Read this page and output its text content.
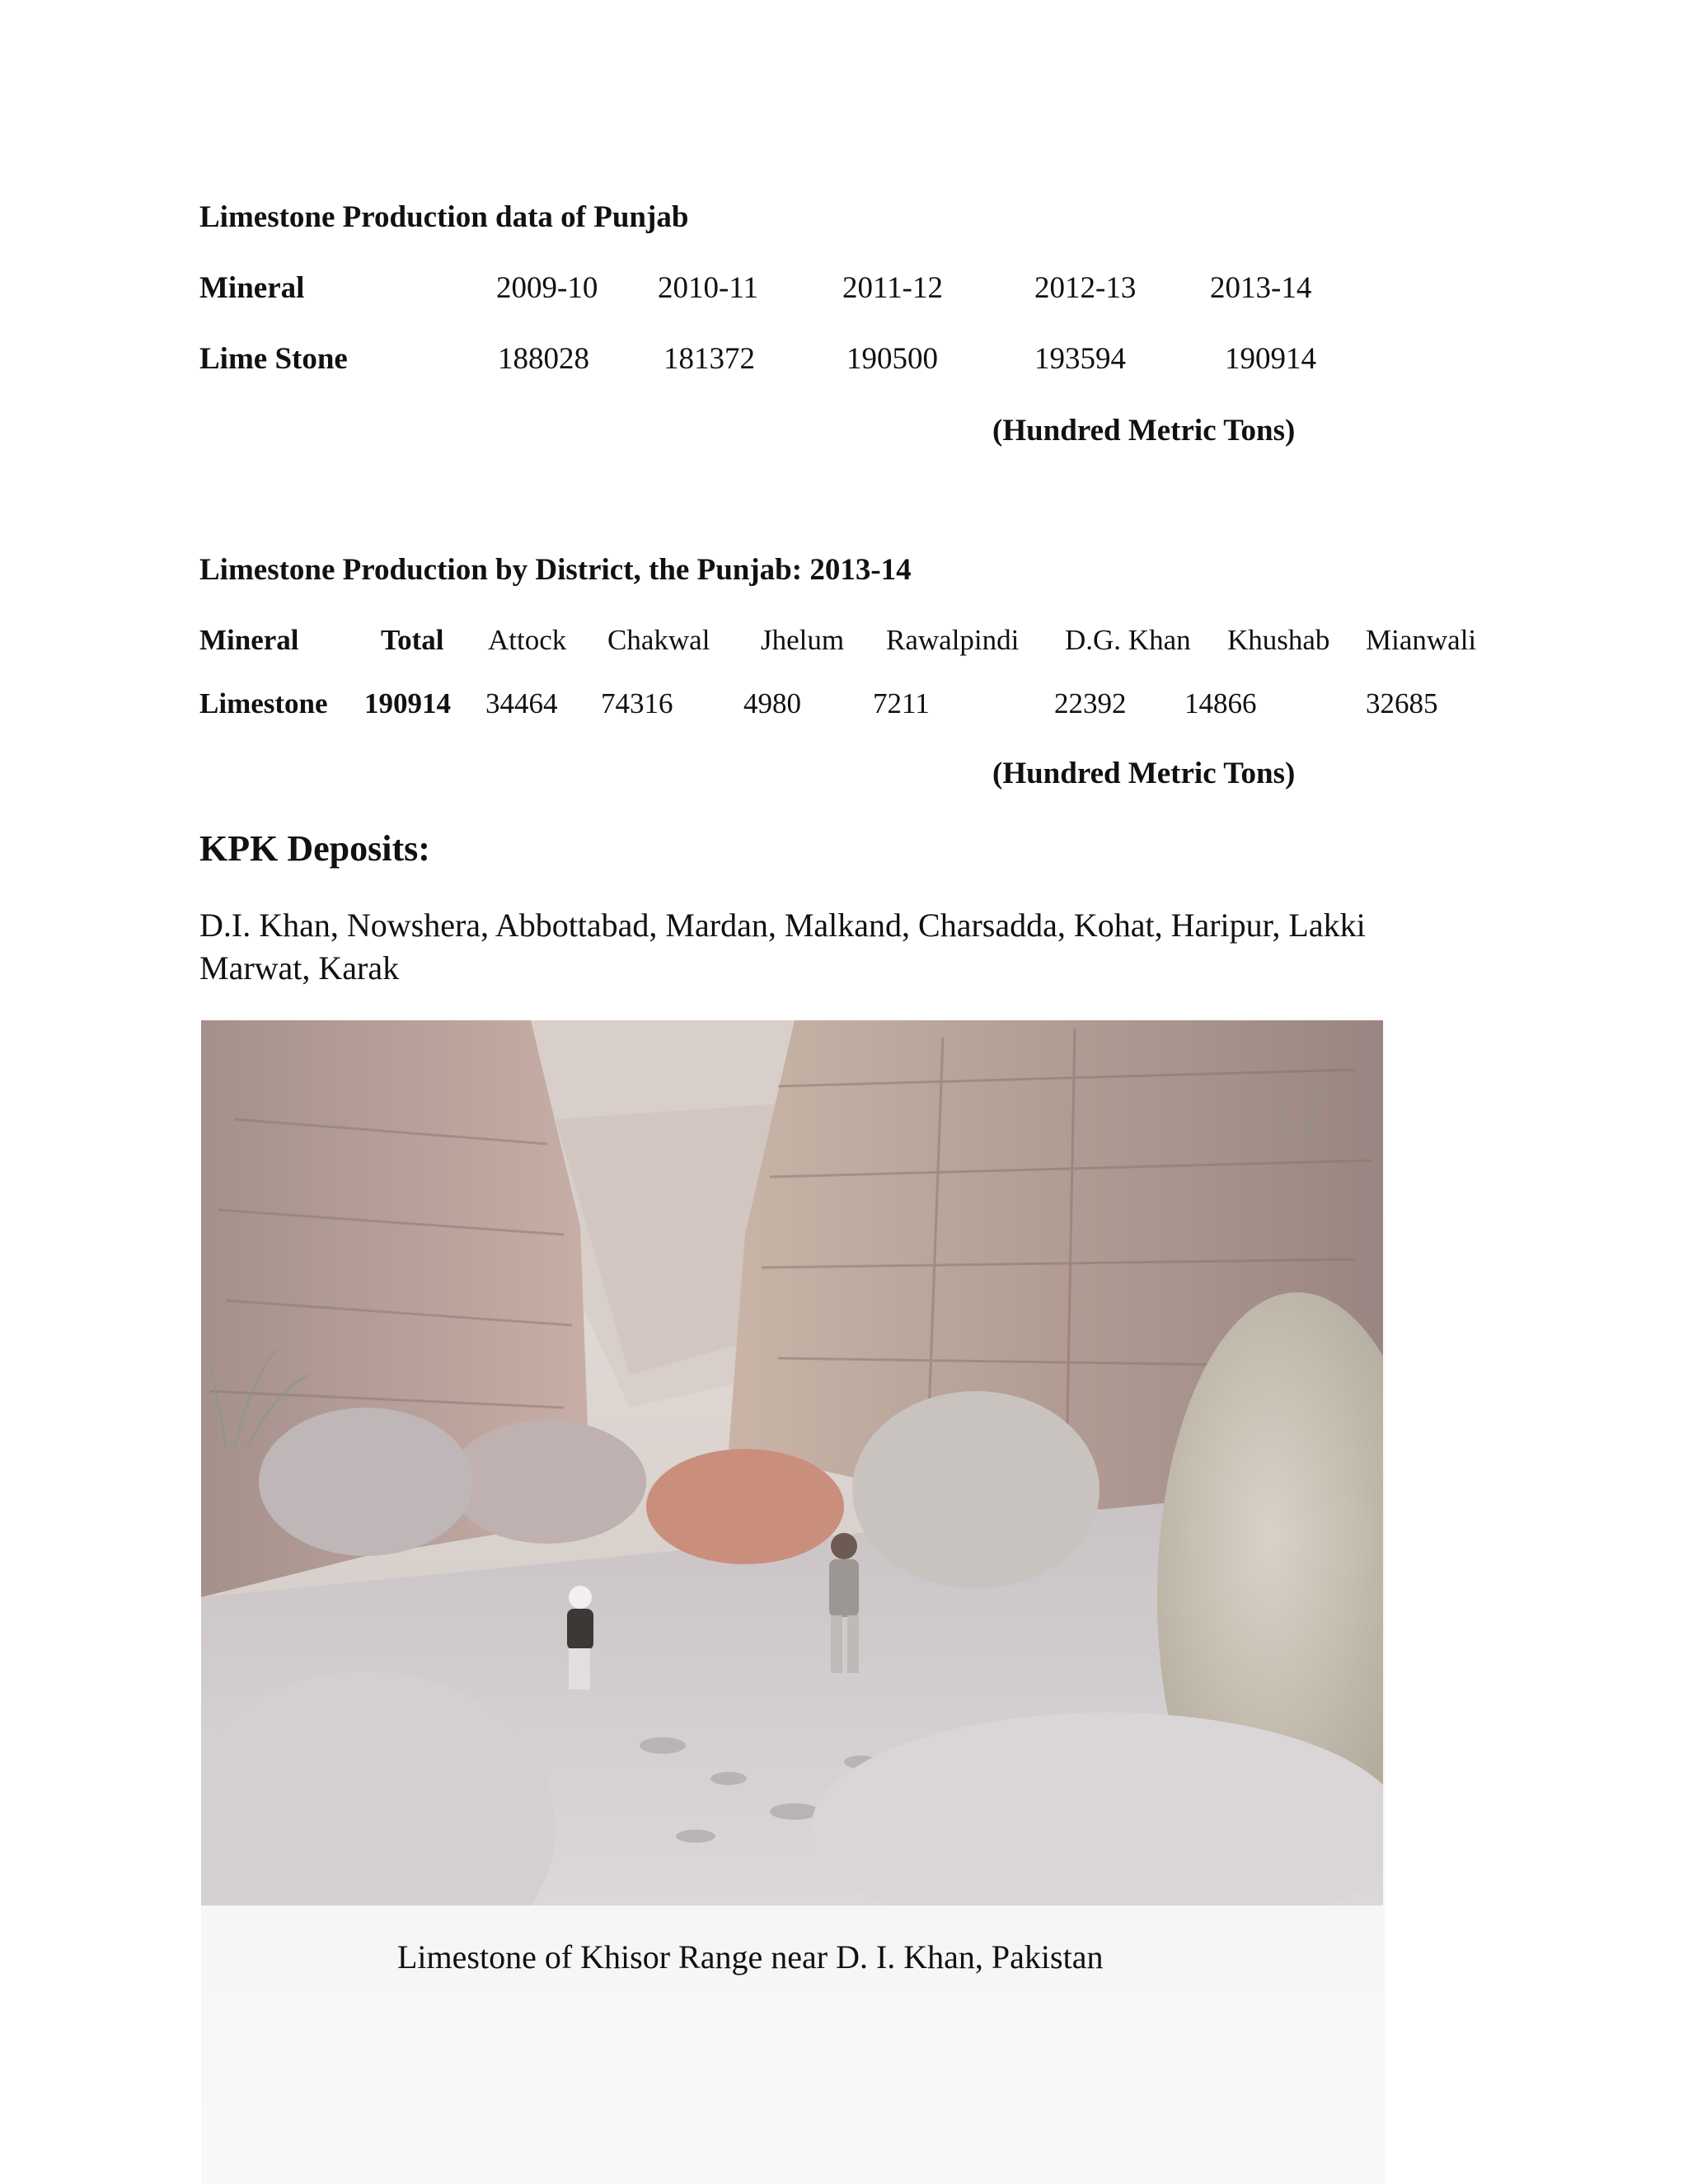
Limestone Production data of Punjab
Mineral	2009-10 2010-11	2011-12	2012-13 2013-14
Lime Stone	188028 181372	190500	193594	190914
(Hundred Metric Tons)
Limestone Production by District, the Punjab: 2013-14
Mineral	Total Attock Chakwal Jhelum Rawalpindi D.G. Khan Khushab Mianwali
Limestone 190914 34464 74316 4980 7211	22392 14866	32685
(Hundred Metric Tons)
KPK Deposits:
D.I. Khan, Nowshera, Abbottabad, Mardan, Malkand, Charsadda, Kohat, Haripur, Lakki
Marwat, Karak
Limestone of Khisor Range near D. I. Khan, Pakistan
